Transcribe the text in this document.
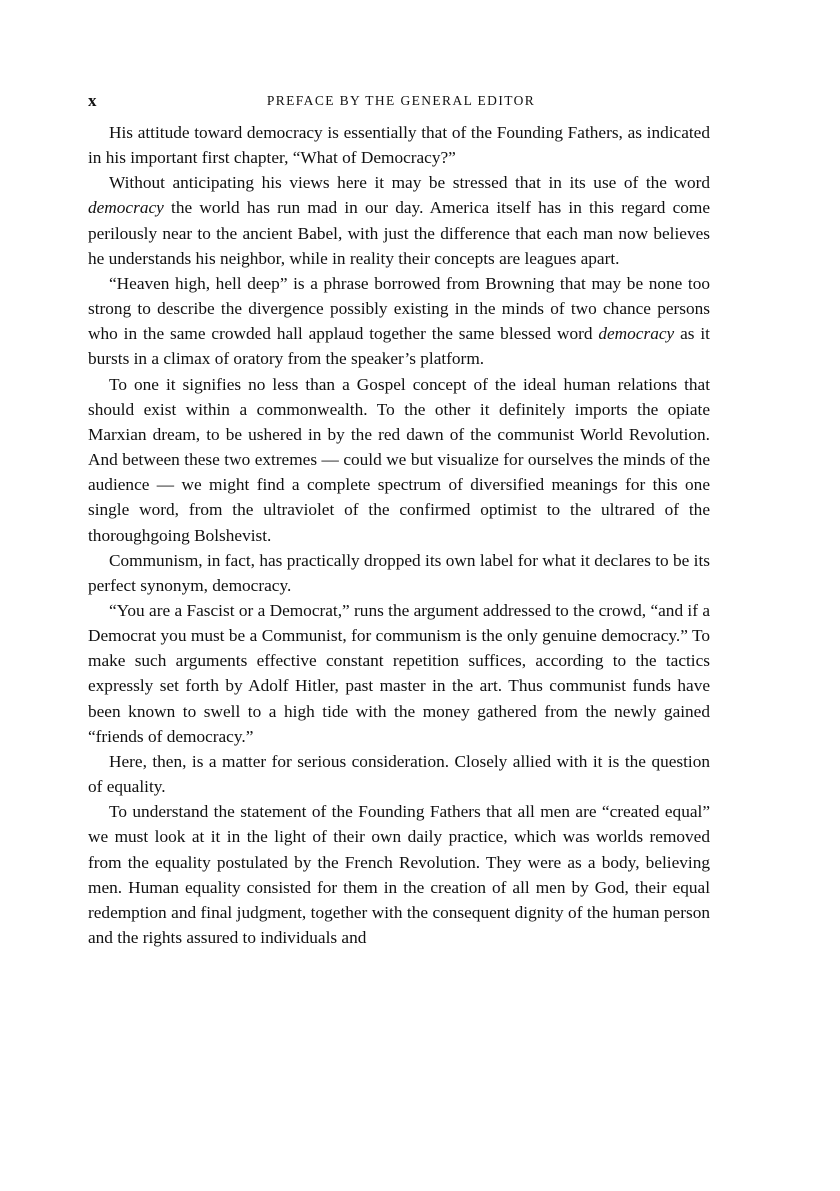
x	PREFACE BY THE GENERAL EDITOR

His attitude toward democracy is essentially that of the Founding Fathers, as indicated in his important first chapter, “What of Democracy?”

Without anticipating his views here it may be stressed that in its use of the word democracy the world has run mad in our day. America itself has in this regard come perilously near to the ancient Babel, with just the difference that each man now believes he understands his neighbor, while in reality their concepts are leagues apart.

“Heaven high, hell deep” is a phrase borrowed from Browning that may be none too strong to describe the divergence possibly existing in the minds of two chance persons who in the same crowded hall applaud together the same blessed word democracy as it bursts in a climax of oratory from the speaker’s platform.

To one it signifies no less than a Gospel concept of the ideal human relations that should exist within a commonwealth. To the other it definitely imports the opiate Marxian dream, to be ushered in by the red dawn of the communist World Revolution. And between these two extremes — could we but visualize for ourselves the minds of the audience — we might find a complete spectrum of diversified meanings for this one single word, from the ultraviolet of the confirmed optimist to the ultrared of the thoroughgoing Bolshevist.

Communism, in fact, has practically dropped its own label for what it declares to be its perfect synonym, democracy.

“You are a Fascist or a Democrat,” runs the argument addressed to the crowd, “and if a Democrat you must be a Communist, for communism is the only genuine democracy.” To make such arguments effective constant repetition suffices, according to the tactics expressly set forth by Adolf Hitler, past master in the art. Thus communist funds have been known to swell to a high tide with the money gathered from the newly gained “friends of democracy.”

Here, then, is a matter for serious consideration. Closely allied with it is the question of equality.

To understand the statement of the Founding Fathers that all men are “created equal” we must look at it in the light of their own daily practice, which was worlds removed from the equality postulated by the French Revolution. They were as a body, believing men. Human equality consisted for them in the creation of all men by God, their equal redemption and final judgment, together with the consequent dignity of the human person and the rights assured to individuals and
